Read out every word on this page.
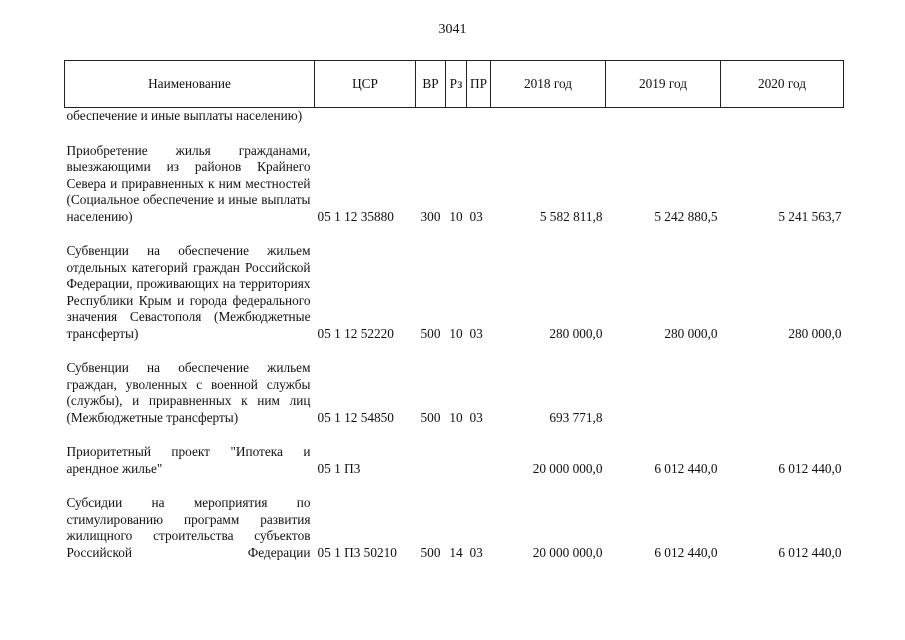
3041
Наименование	ЦСР	ВР	Рз	ПР	2018 год	2019 год	2020 год
обеспечение и иные выплаты населению)							
Приобретение жилья гражданами, выезжающими из районов Крайнего Севера и приравненных к ним местностей (Социальное обеспечение и иные выплаты населению)	05 1 12 35880	300	10	03	5 582 811,8	5 242 880,5	5 241 563,7
Субвенции на обеспечение жильем отдельных категорий граждан Российской Федерации, проживающих на территориях Республики Крым и города федерального значения Севастополя (Межбюджетные трансферты)	05 1 12 52220	500	10	03	280 000,0	280 000,0	280 000,0
Субвенции на обеспечение жильем граждан, уволенных с военной службы (службы), и приравненных к ним лиц (Межбюджетные трансферты)	05 1 12 54850	500	10	03	693 771,8		
Приоритетный проект "Ипотека и арендное жилье"	05 1 П3				20 000 000,0	6 012 440,0	6 012 440,0
Субсидии на мероприятия по стимулированию программ развития жилищного строительства субъектов Российской Федерации	05 1 П3 50210	500	14	03	20 000 000,0	6 012 440,0	6 012 440,0
